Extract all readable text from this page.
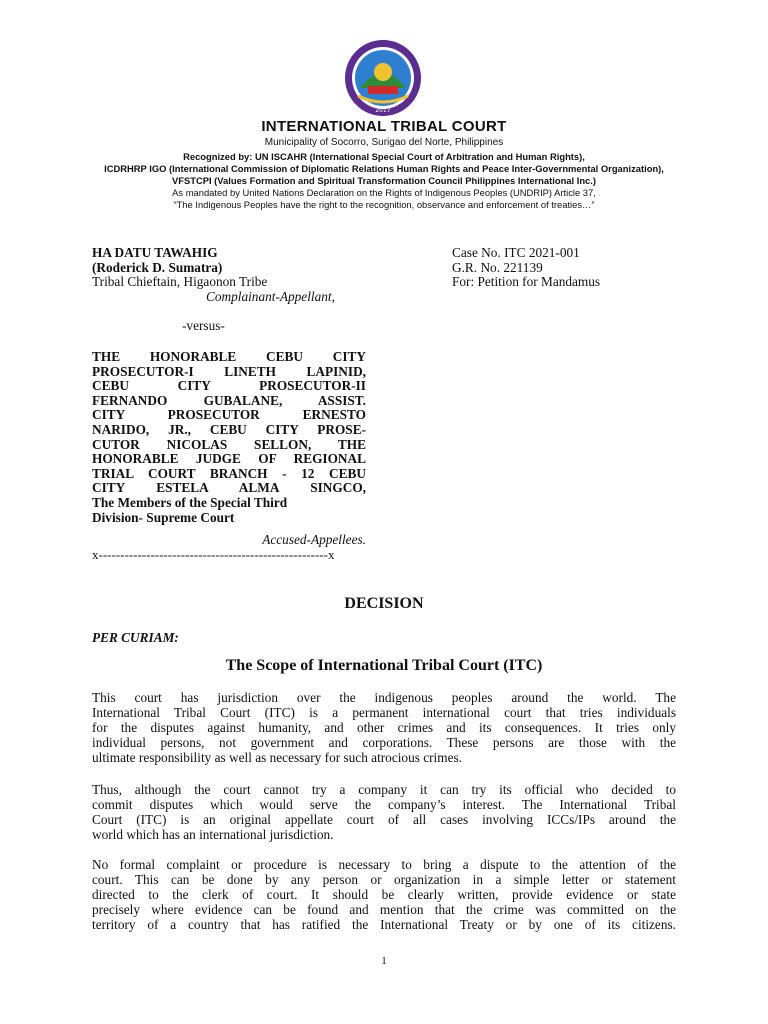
2017
INTERNATIONAL TRIBAL COURT
Municipality of Socorro, Surigao del Norte, Philippines
Recognized by: UN ISCAHR (International Special Court of Arbitration and Human Rights),
ICDRHRP IGO (International Commission of Diplomatic Relations Human Rights and Peace Inter-Governmental Organization),
VFSTCPI (Values Formation and Spiritual Transformation Council Philippines International Inc.)
As mandated by United Nations Declaration on the Rights of Indigenous Peoples (UNDRIP) Article 37,
“The Indigenous Peoples have the right to the recognition, observance and enforcement of treaties…”
HA DATU TAWAHIG
(Roderick D. Sumatra)
Tribal Chieftain, Higaonon Tribe
Complainant-Appellant,
-versus-
Case No. ITC 2021-001
G.R. No. 221139
For: Petition for Mandamus
THE HONORABLE CEBU CITY
PROSECUTOR-I LINETH LAPINID,
CEBU CITY PROSECUTOR-II
FERNANDO GUBALANE, ASSIST.
CITY PROSECUTOR ERNESTO
NARIDO, JR., CEBU CITY PROSE-
CUTOR NICOLAS SELLON, THE
HONORABLE JUDGE OF REGIONAL
TRIAL COURT BRANCH - 12 CEBU
CITY ESTELA ALMA SINGCO,
The Members of the Special Third
Division- Supreme Court
Accused-Appellees.
x-----------------------------------------------------x
DECISION
PER CURIAM:
The Scope of International Tribal Court (ITC)
This court has jurisdiction over the indigenous peoples around the world. The
International Tribal Court (ITC) is a permanent international court that tries individuals
for the disputes against humanity, and other crimes and its consequences. It tries only
individual persons, not government and corporations. These persons are those with the
ultimate responsibility as well as necessary for such atrocious crimes.
Thus, although the court cannot try a company it can try its official who decided to
commit disputes which would serve the company’s interest. The International Tribal
Court (ITC) is an original appellate court of all cases involving ICCs/IPs around the
world which has an international jurisdiction.
No formal complaint or procedure is necessary to bring a dispute to the attention of the
court. This can be done by any person or organization in a simple letter or statement
directed to the clerk of court. It should be clearly written, provide evidence or state
precisely where evidence can be found and mention that the crime was committed on the
territory of a country that has ratified the International Treaty or by one of its citizens.
1
